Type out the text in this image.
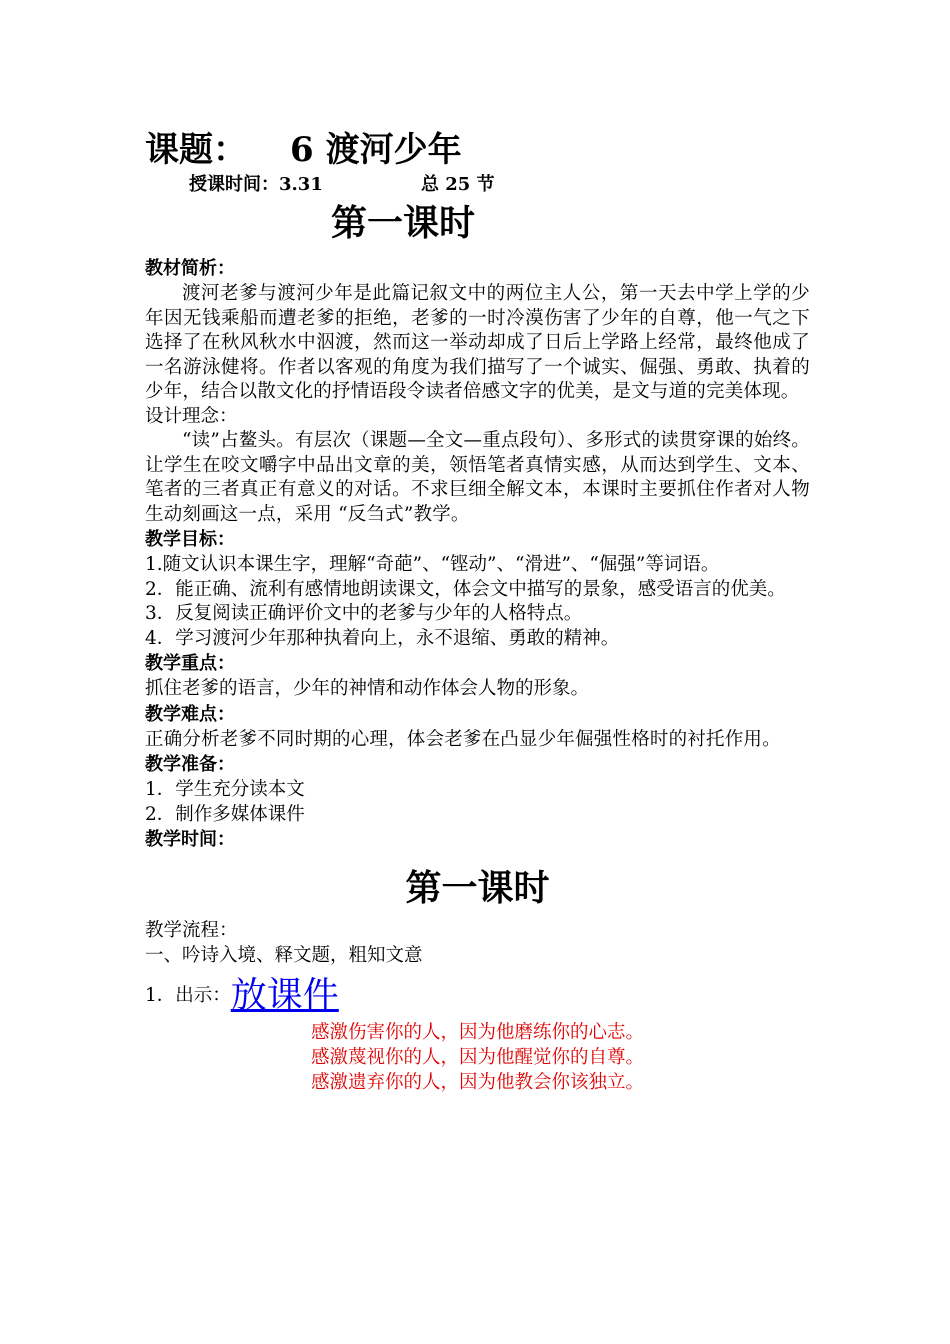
课题： 6 渡河少年
授课时间：3.31	总 25 节
第一课时
教材简析：
渡河老爹与渡河少年是此篇记叙文中的两位主人公，第一天去中学上学的少年因无钱乘船而遭老爹的拒绝，老爹的一时冷漠伤害了少年的自尊，他一气之下选择了在秋风秋水中泅渡，然而这一举动却成了日后上学路上经常，最终他成了一名游泳健将。作者以客观的角度为我们描写了一个诚实、倔强、勇敢、执着的少年，结合以散文化的抒情语段令读者倍感文字的优美，是文与道的完美体现。
设计理念：
“读”占鳌头。有层次（课题—全文—重点段句）、多形式的读贯穿课的始终。让学生在咬文嚼字中品出文章的美，领悟笔者真情实感，从而达到学生、文本、笔者的三者真正有意义的对话。不求巨细全解文本，本课时主要抓住作者对人物生动刻画这一点，采用 “反刍式”教学。
教学目标：
1.随文认识本课生字，理解“奇葩”、“铿动”、“滑进”、“倔强”等词语。
2．能正确、流利有感情地朗读课文，体会文中描写的景象，感受语言的优美。
3．反复阅读正确评价文中的老爹与少年的人格特点。
4．学习渡河少年那种执着向上，永不退缩、勇敢的精神。
教学重点：
抓住老爹的语言，少年的神情和动作体会人物的形象。
教学难点：
正确分析老爹不同时期的心理，体会老爹在凸显少年倔强性格时的衬托作用。
教学准备：
1．学生充分读本文
2．制作多媒体课件
教学时间：
第一课时
教学流程：
一、吟诗入境、释文题，粗知文意
1．出示：放课件
感激伤害你的人，因为他磨练你的心志。
感激蔑视你的人，因为他醒觉你的自尊。
感激遗弃你的人，因为他教会你该独立。
